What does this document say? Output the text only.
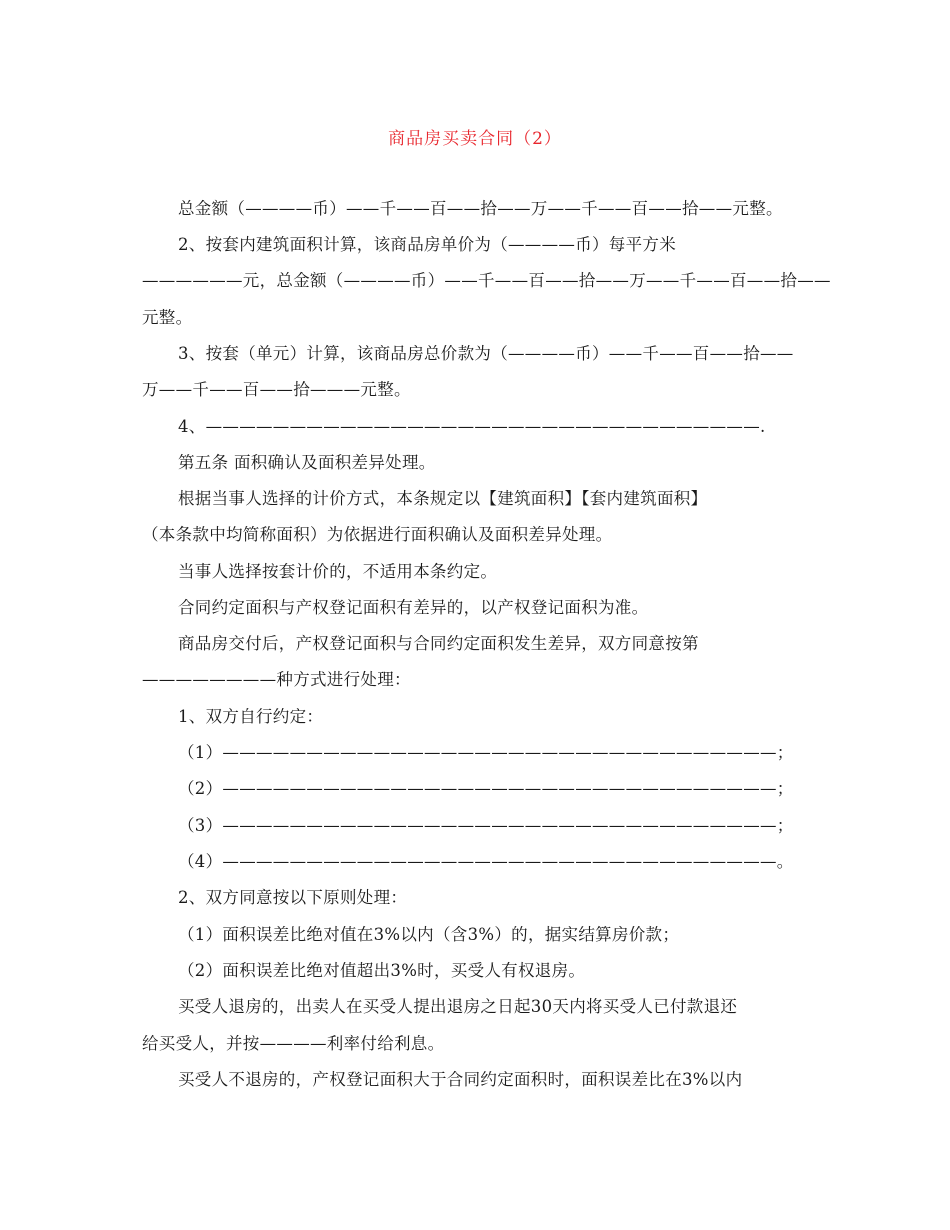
商品房买卖合同（2）
总金额（————币）——千——百——拾——万——千——百——拾——元整。
2、按套内建筑面积计算，该商品房单价为（————币）每平方米
——————元，总金额（————币）——千——百——拾——万——千——百——拾——
元整。
3、按套（单元）计算，该商品房总价款为（————币）——千——百——拾——
万——千——百——拾———元整。
4、—————————————————————————————————.
第五条 面积确认及面积差异处理。
根据当事人选择的计价方式，本条规定以【建筑面积】【套内建筑面积】
（本条款中均简称面积）为依据进行面积确认及面积差异处理。
当事人选择按套计价的，不适用本条约定。
合同约定面积与产权登记面积有差异的，以产权登记面积为准。
商品房交付后，产权登记面积与合同约定面积发生差异，双方同意按第
————————种方式进行处理：
1、双方自行约定：
（1）—————————————————————————————————；
（2）—————————————————————————————————；
（3）—————————————————————————————————；
（4）—————————————————————————————————。
2、双方同意按以下原则处理：
（1）面积误差比绝对值在3%以内（含3%）的，据实结算房价款；
（2）面积误差比绝对值超出3%时，买受人有权退房。
买受人退房的，出卖人在买受人提出退房之日起30天内将买受人已付款退还
给买受人，并按————利率付给利息。
买受人不退房的，产权登记面积大于合同约定面积时，面积误差比在3%以内
